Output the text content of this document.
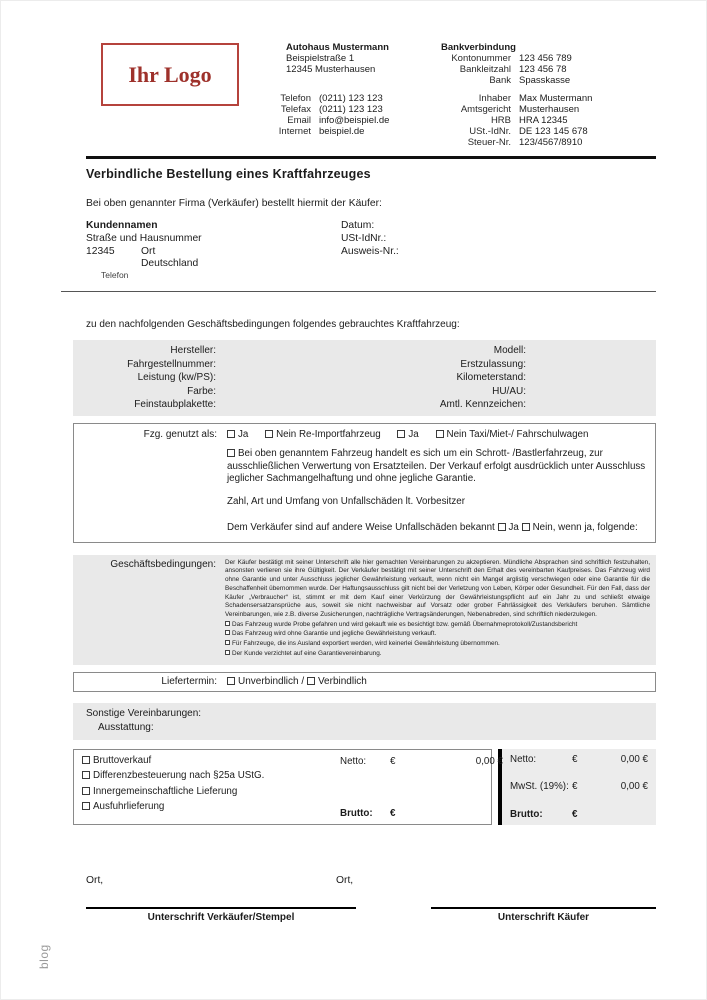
Ihr Logo
Autohaus Mustermann
Beispielstraße 1
12345 Musterhausen
Telefon (0211) 123 123
Telefax (0211) 123 123
Email info@beispiel.de
Internet beispiel.de
Bankverbindung
Kontonummer 123 456 789
Bankleitzahl 123 456 78
Bank Spasskasse
Inhaber Max Mustermann
Amtsgericht Musterhausen
HRB HRA 12345
USt.-IdNr. DE 123 145 678
Steuer-Nr. 123/4567/8910
Verbindliche Bestellung eines Kraftfahrzeuges
Bei oben genannter Firma (Verkäufer) bestellt hiermit der Käufer:
Kundennamen	Datum:
Straße und Hausnummer	USt-IdNr.:
12345	Ort	Ausweis-Nr.:
Deutschland
Telefon
zu den nachfolgenden Geschäftsbedingungen folgendes gebrauchtes Kraftfahrzeug:
Hersteller:	Modell:
Fahrgestellnummer:	Erstzulassung:
Leistung (kw/PS):	Kilometerstand:
Farbe:	HU/AU:
Feinstaubplakette:	Amtl. Kennzeichen:
Fzg. genutzt als:	Ja	Nein Re-Importfahrzeug	Ja	Nein Taxi/Miet-/ Fahrschulwagen
Bei oben genanntem Fahrzeug handelt es sich um ein Schrott- /Bastlerfahrzeug, zur ausschließlichen Verwertung von Ersatzteilen. Der Verkauf erfolgt ausdrücklich unter Ausschluss jeglicher Sachmangelhaftung und ohne jegliche Garantie.
Zahl, Art und Umfang von Unfallschäden lt. Vorbesitzer
Dem Verkäufer sind auf andere Weise Unfallschäden bekannt Ja Nein, wenn ja, folgende:
Geschäftsbedingungen: Der Käufer bestätigt mit seiner Unterschrift alle hier gemachten Vereinbarungen zu akzeptieren. Mündliche Absprachen sind schriftlich festzuhalten, ansonsten verlieren sie ihre Gültigkeit. Der Verkäufer bestätigt mit seiner Unterschrift den Erhalt des vereinbarten Kaufpreises. Das Fahrzeug wird ohne Garantie und unter Ausschluss jeglicher Gewährleistung verkauft, wenn nicht ein Mangel arglistig verschwiegen oder eine Garantie für die Beschaffenheit übernommen wurde. Der Haftungsausschluss gilt nicht bei der Verletzung von Leben, Körper oder Gesundheit. Für den Fall, dass der Käufer „Verbraucher“ ist, stimmt er mit dem Kauf einer Verkürzung der Gewährleistungspflicht auf ein Jahr zu und schließt etwaige Schadensersatzansprüche aus, soweit sie nicht nachweisbar auf Vorsatz oder grober Fahrlässigkeit des Verkäufers beruhen. Sämtliche Vereinbarungen, wie z.B. diverse Zusicherungen, nachträgliche Vertragsänderungen, Nebenabreden, sind schriftlich niederzulegen.
Das Fahrzeug wurde Probe gefahren und wird gekauft wie es besichtigt bzw. gemäß Übernahmeprotokoll/Zustandsbericht
Das Fahrzeug wird ohne Garantie und jegliche Gewährleistung verkauft.
Für Fahrzeuge, die ins Ausland exportiert werden, wird keinerlei Gewährleistung übernommen.
Der Kunde verzichtet auf eine Garantievereinbarung.
Liefertermin:	Unverbindlich / Verbindlich
Sonstige Vereinbarungen:
Ausstattung:
Bruttoverkauf
Differenzbesteuerung nach §25a UStG.
Innergemeinschaftliche Lieferung
Ausfuhrlieferung
Netto:	€	0,00 €
Brutto:	€
Netto:	€	0,00 €
MwSt. (19%): €	0,00 €
Brutto:	€
Ort,	Ort,
Unterschrift Verkäufer/Stempel	Unterschrift Käufer
blog
